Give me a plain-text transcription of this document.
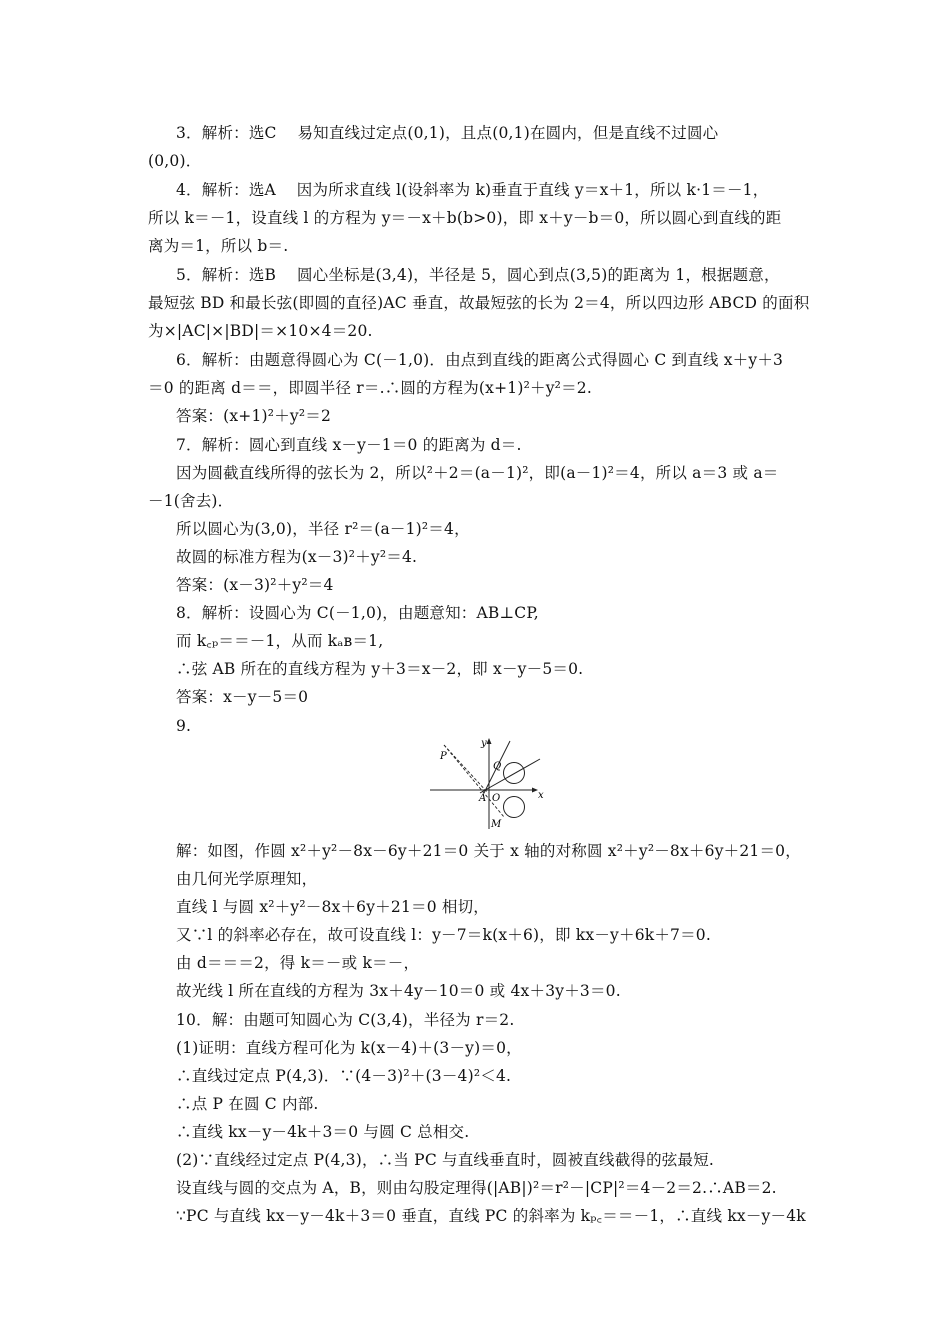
3．解析：选C　 易知直线过定点(0,1)，且点(0,1)在圆内，但是直线不过圆心
(0,0)．
4．解析：选A　 因为所求直线 l(设斜率为 k)垂直于直线 y＝x＋1，所以 k·1＝－1，
所以 k＝－1，设直线 l 的方程为 y＝－x＋b(b>0)，即 x＋y－b＝0，所以圆心到直线的距
离为＝1，所以 b＝.
5．解析：选B　 圆心坐标是(3,4)，半径是 5，圆心到点(3,5)的距离为 1，根据题意，
最短弦 BD 和最长弦(即圆的直径)AC 垂直，故最短弦的长为 2＝4，所以四边形 ABCD 的面积
为×|AC|×|BD|＝×10×4＝20.
6．解析：由题意得圆心为 C(－1,0)．由点到直线的距离公式得圆心 C 到直线 x＋y＋3
＝0 的距离 d＝＝，即圆半径 r＝.∴圆的方程为(x+1)²＋y²＝2.
答案：(x+1)²＋y²＝2
7．解析：圆心到直线 x－y－1＝0 的距离为 d＝.
因为圆截直线所得的弦长为 2，所以²＋2＝(a－1)²，即(a－1)²＝4，所以 a＝3 或 a＝
－1(舍去)．
所以圆心为(3,0)，半径 r²＝(a－1)²＝4，
故圆的标准方程为(x－3)²＋y²＝4.
答案：(x－3)²＋y²＝4
8．解析：设圆心为 C(－1,0)，由题意知：AB⊥CP,
而 k꜀ₚ＝＝－1，从而 kₐʙ＝1,
∴弦 AB 所在的直线方程为 y＋3＝x－2，即 x－y－5＝0.
答案：x－y－5＝0
9.
解：如图，作圆 x²＋y²－8x－6y＋21＝0 关于 x 轴的对称圆 x²＋y²－8x＋6y＋21＝0，
由几何光学原理知，
直线 l 与圆 x²＋y²－8x＋6y＋21＝0 相切，
又∵l 的斜率必存在，故可设直线 l：y－7＝k(x＋6)，即 kx－y＋6k＋7＝0.
由 d＝＝＝2，得 k＝－或 k＝－，
故光线 l 所在直线的方程为 3x＋4y－10＝0 或 4x＋3y＋3＝0.
10．解：由题可知圆心为 C(3,4)，半径为 r＝2.
(1)证明：直线方程可化为 k(x－4)＋(3－y)＝0，
∴直线过定点 P(4,3)．∵(4－3)²＋(3－4)²＜4.
∴点 P 在圆 C 内部.
∴直线 kx－y－4k＋3＝0 与圆 C 总相交.
(2)∵直线经过定点 P(4,3)，∴当 PC 与直线垂直时，圆被直线截得的弦最短.
设直线与圆的交点为 A，B，则由勾股定理得(|AB|)²＝r²－|CP|²＝4－2＝2.∴AB＝2.
∵PC 与直线 kx－y－4k＋3＝0 垂直，直线 PC 的斜率为 kₚ꜀＝＝－1，∴直线 kx－y－4k
y
x
P
Q
A O
M
